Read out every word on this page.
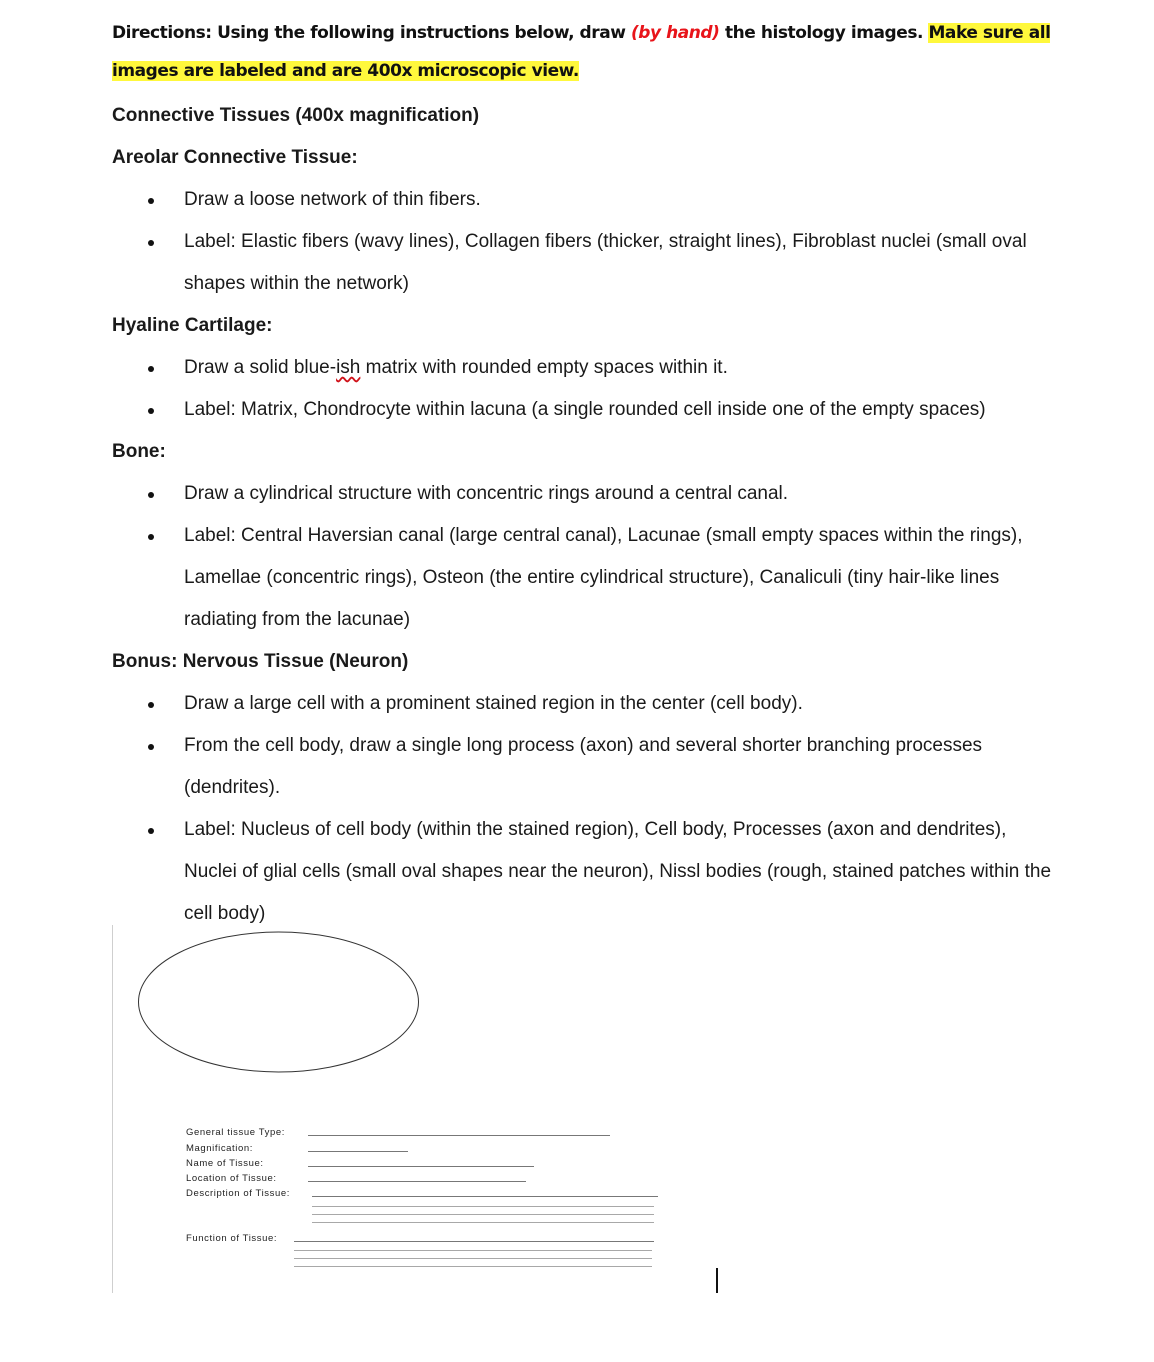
Directions: Using the following instructions below, draw (by hand) the histology images. Make sure all images are labeled and are 400x microscopic view.
Connective Tissues (400x magnification)
Areolar Connective Tissue:
Draw a loose network of thin fibers.
Label: Elastic fibers (wavy lines), Collagen fibers (thicker, straight lines), Fibroblast nuclei (small oval shapes within the network)
Hyaline Cartilage:
Draw a solid blue-ish matrix with rounded empty spaces within it.
Label: Matrix, Chondrocyte within lacuna (a single rounded cell inside one of the empty spaces)
Bone:
Draw a cylindrical structure with concentric rings around a central canal.
Label: Central Haversian canal (large central canal), Lacunae (small empty spaces within the rings), Lamellae (concentric rings), Osteon (the entire cylindrical structure), Canaliculi (tiny hair-like lines radiating from the lacunae)
Bonus: Nervous Tissue (Neuron)
Draw a large cell with a prominent stained region in the center (cell body).
From the cell body, draw a single long process (axon) and several shorter branching processes (dendrites).
Label: Nucleus of cell body (within the stained region), Cell body, Processes (axon and dendrites), Nuclei of glial cells (small oval shapes near the neuron), Nissl bodies (rough, stained patches within the cell body)
General tissue Type:
Magnification:
Name of Tissue:
Location of Tissue:
Description of Tissue:
Function of Tissue:
